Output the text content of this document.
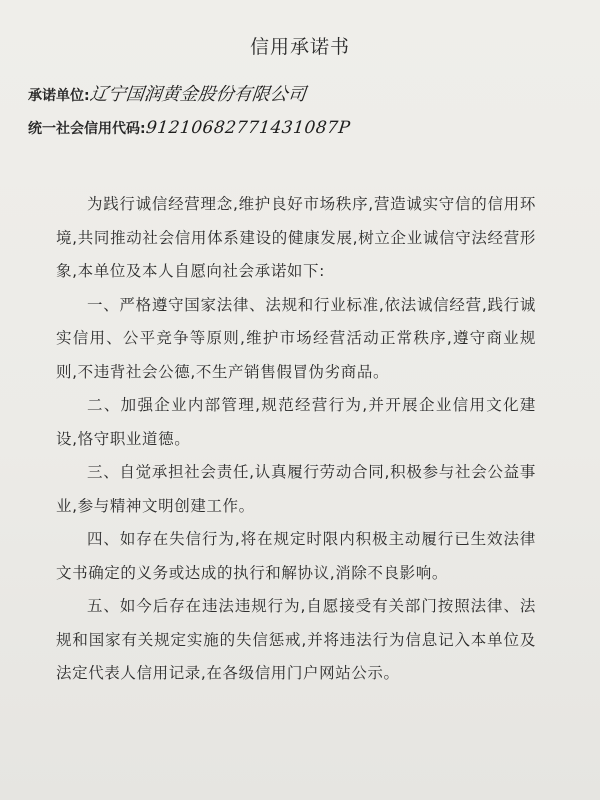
信用承诺书
承诺单位:
辽宁国润黄金股份有限公司
统一社会信用代码:
91210682771431087P

为践行诚信经营理念,维护良好市场秩序,营造诚实守信的信用环境,共同推动社会信用体系建设的健康发展,树立企业诚信守法经营形象,本单位及本人自愿向社会承诺如下:

一、严格遵守国家法律、法规和行业标准,依法诚信经营,践行诚实信用、公平竞争等原则,维护市场经营活动正常秩序,遵守商业规则,不违背社会公德,不生产销售假冒伪劣商品。

二、加强企业内部管理,规范经营行为,并开展企业信用文化建设,恪守职业道德。

三、自觉承担社会责任,认真履行劳动合同,积极参与社会公益事业,参与精神文明创建工作。

四、如存在失信行为,将在规定时限内积极主动履行已生效法律文书确定的义务或达成的执行和解协议,消除不良影响。

五、如今后存在违法违规行为,自愿接受有关部门按照法律、法规和国家有关规定实施的失信惩戒,并将违法行为信息记入本单位及法定代表人信用记录,在各级信用门户网站公示。
